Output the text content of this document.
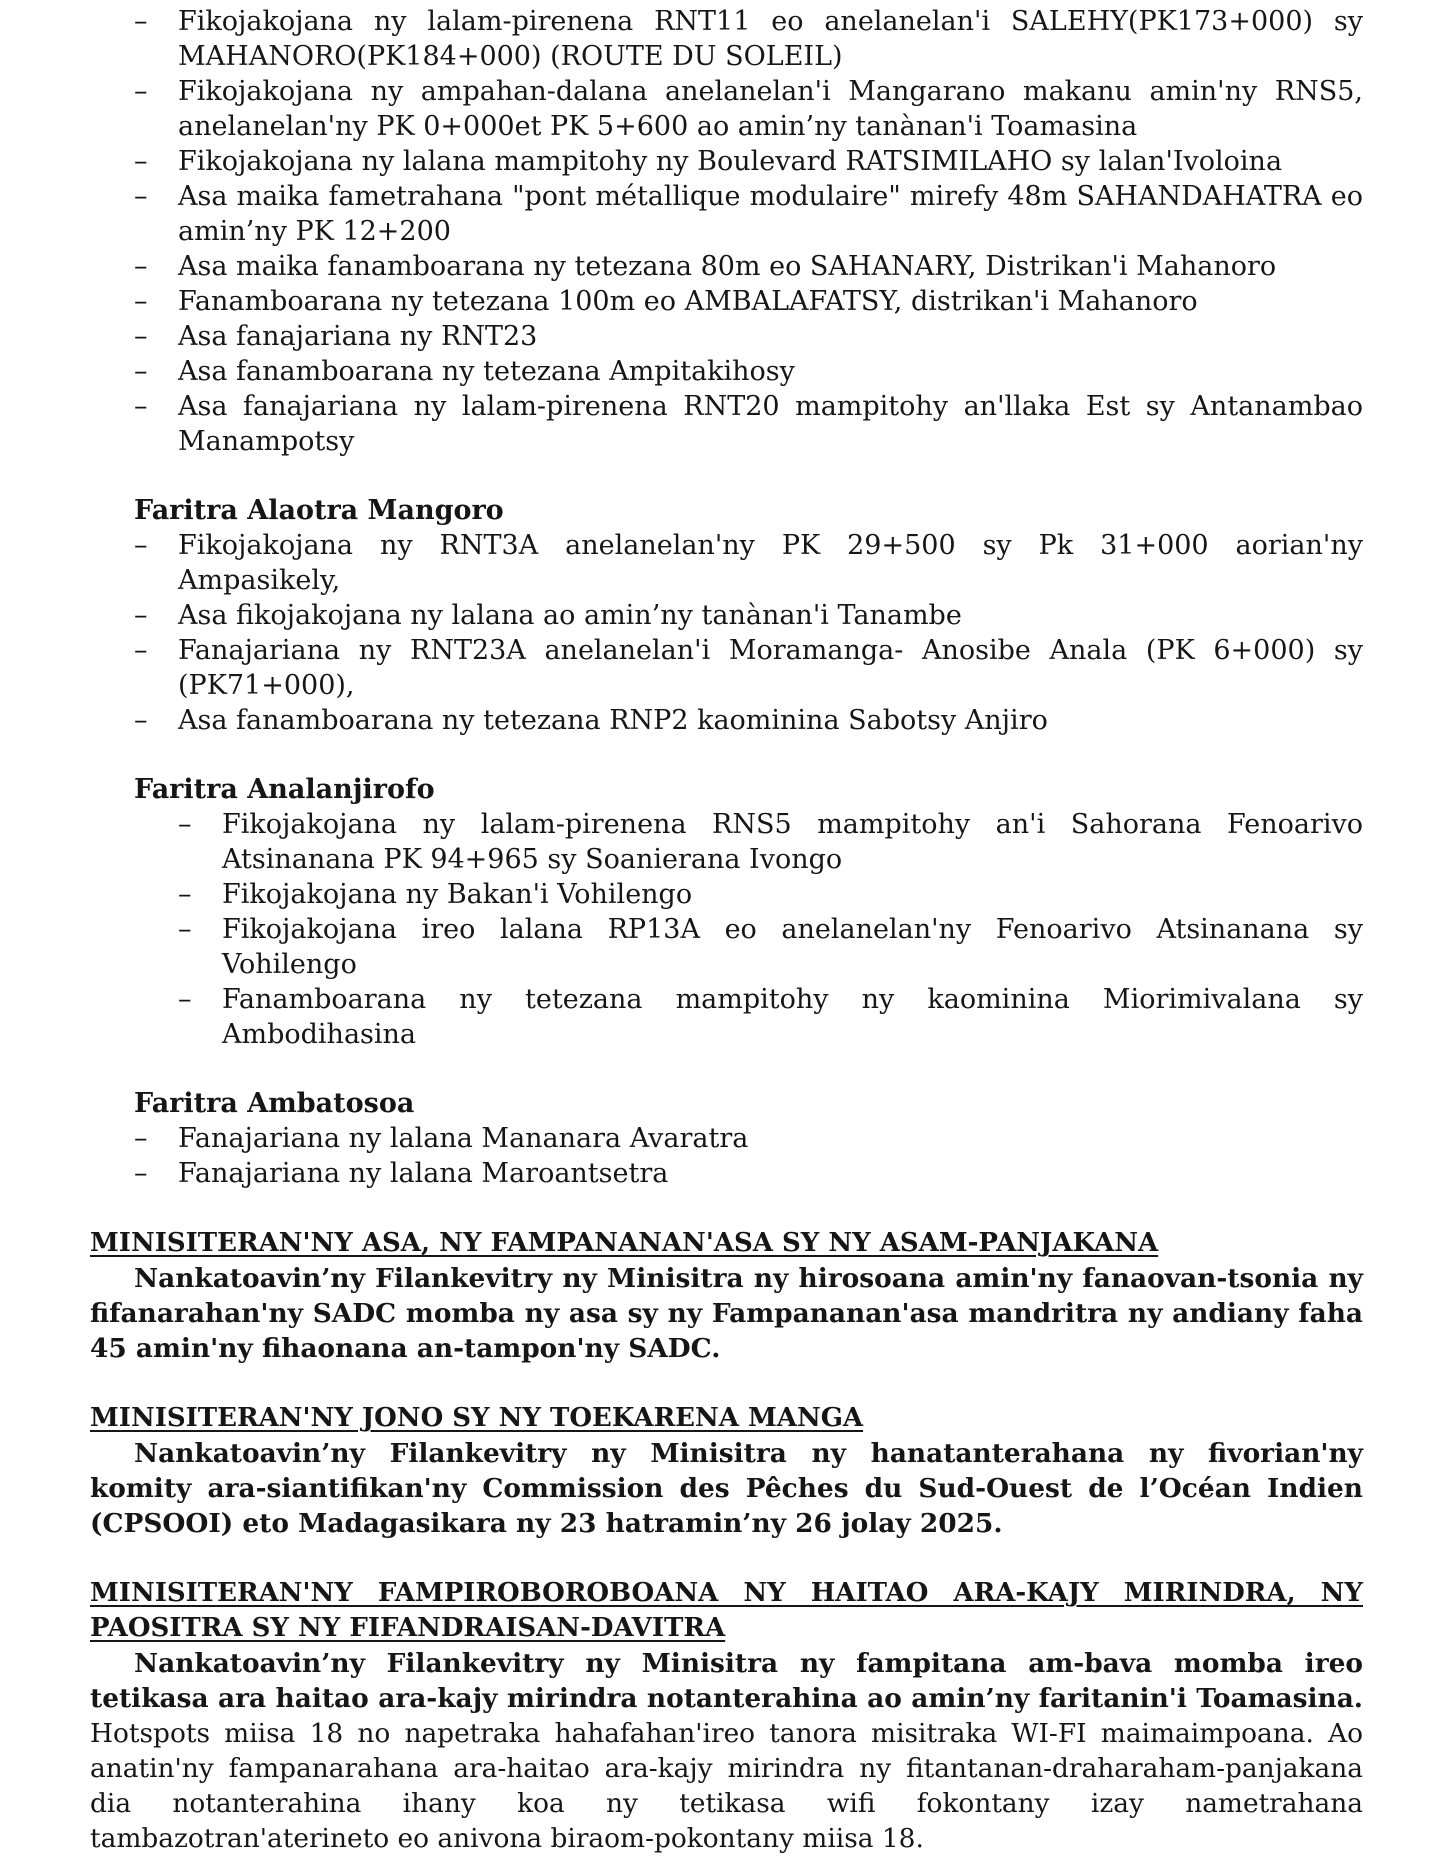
– Fikojakojana ny lalam-pirenena RNT11 eo anelanelan'i SALEHY(PK173+000) sy MAHANORO(PK184+000) (ROUTE DU SOLEIL)
– Fikojakojana ny ampahan-dalana anelanelan'i Mangarano makanu amin'ny RNS5, anelanelan'ny PK 0+000et PK 5+600 ao amin’ny tanànan'i Toamasina
– Fikojakojana ny lalana mampitohy ny Boulevard RATSIMILAHO sy lalan'Ivoloina
– Asa maika fametrahana "pont métallique modulaire" mirefy 48m SAHANDAHATRA eo amin’ny PK 12+200
– Asa maika fanamboarana ny tetezana 80m eo SAHANARY, Distrikan'i Mahanoro
– Fanamboarana ny tetezana 100m eo AMBALAFATSY, distrikan'i Mahanoro
– Asa fanajariana ny RNT23
– Asa fanamboarana ny tetezana Ampitakihosy
– Asa fanajariana ny lalam-pirenena RNT20 mampitohy an'llaka Est sy Antanambao Manampotsy
Faritra Alaotra Mangoro
– Fikojakojana ny RNT3A anelanelan'ny PK 29+500 sy Pk 31+000 aorian'ny Ampasikely,
– Asa fikojakojana ny lalana ao amin’ny tanànan'i Tanambe
– Fanajariana ny RNT23A anelanelan'i Moramanga- Anosibe Anala (PK 6+000) sy (PK71+000),
– Asa fanamboarana ny tetezana RNP2 kaominina Sabotsy Anjiro
Faritra Analanjirofo
– Fikojakojana ny lalam-pirenena RNS5 mampitohy an'i Sahorana Fenoarivo Atsinanana PK 94+965 sy Soanierana Ivongo
– Fikojakojana ny Bakan'i Vohilengo
– Fikojakojana ireo lalana RP13A eo anelanelan'ny Fenoarivo Atsinanana sy Vohilengo
– Fanamboarana ny tetezana mampitohy ny kaominina Miorimivalana sy Ambodihasina
Faritra Ambatosoa
– Fanajariana ny lalana Mananara Avaratra
– Fanajariana ny lalana Maroantsetra
MINISITERAN'NY ASA, NY FAMPANANAN'ASA SY NY ASAM-PANJAKANA
Nankatoavin’ny Filankevitry ny Minisitra ny hirosoana amin'ny fanaovan-tsonia ny fifanarahan'ny SADC momba ny asa sy ny Fampananan'asa mandritra ny andiany faha 45 amin'ny fihaonana an-tampon'ny SADC.
MINISITERAN'NY JONO SY NY TOEKARENA MANGA
Nankatoavin’ny Filankevitry ny Minisitra ny hanatanterahana ny fivorian'ny komity ara-siantifikan'ny Commission des Pêches du Sud-Ouest de l’Océan Indien (CPSOOI) eto Madagasikara ny 23 hatramin’ny 26 jolay 2025.
MINISITERAN'NY FAMPIROBOROBOANA NY HAITAO ARA-KAJY MIRINDRA, NY PAOSITRA SY NY FIFANDRAISAN-DAVITRA
Nankatoavin’ny Filankevitry ny Minisitra ny fampitana am-bava momba ireo tetikasa ara haitao ara-kajy mirindra notanterahina ao amin’ny faritanin'i Toamasina. Hotspots miisa 18 no napetraka hahafahan'ireo tanora misitraka WI-FI maimaimpoana. Ao anatin'ny fampanarahana ara-haitao ara-kajy mirindra ny fitantanan-draharaham-panjakana dia notanterahina ihany koa ny tetikasa wifi fokontany izay nametrahana tambazotran'aterineto eo anivona biraom-pokontany miisa 18.
